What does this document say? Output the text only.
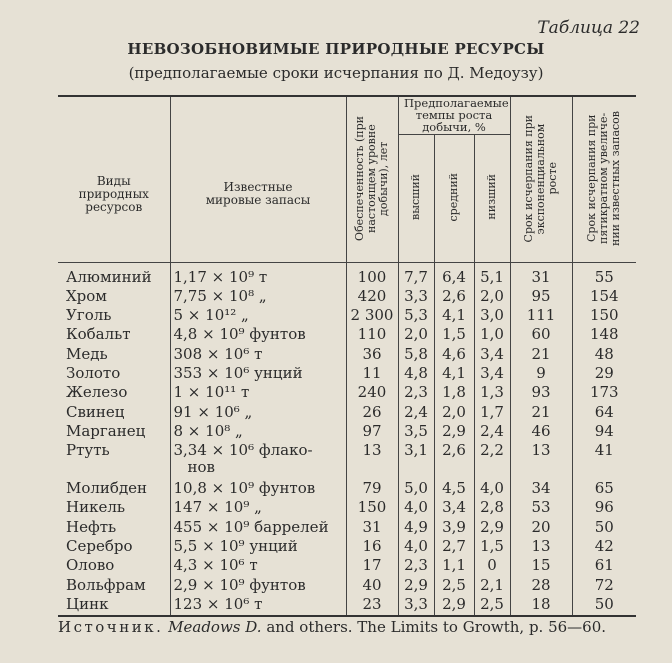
Таблица 22
НЕВОЗОБНОВИМЫЕ ПРИРОДНЫЕ РЕСУРСЫ
(предполагаемые сроки исчерпания по Д. Медоузу)
Виды природных ресурсов	Известные мировые запасы	Обеспеченность (при
настоящем уровне
добычи), лет	Предполагаемые темпы роста добычи, %			Срок исчерпания при
экспоненциальном
росте	Срок исчерпания при
пятикратном увеличе-
нии известных запасов
			высший	средний	низший		
Алюминий	1,17 × 10⁹ т	100	7,7	6,4	5,1	31	55
Хром	7,75 × 10⁸ „	420	3,3	2,6	2,0	95	154
Уголь	5 × 10¹² „	2 300	5,3	4,1	3,0	111	150
Кобальт	4,8 × 10⁹ фунтов	110	2,0	1,5	1,0	60	148
Медь	308 × 10⁶ т	36	5,8	4,6	3,4	21	48
Золото	353 × 10⁶ унций	11	4,8	4,1	3,4	9	29
Железо	1 × 10¹¹ т	240	2,3	1,8	1,3	93	173
Свинец	91 × 10⁶ „	26	2,4	2,0	1,7	21	64
Марганец	8 × 10⁸ „	97	3,5	2,9	2,4	46	94
Ртуть	3,34 × 10⁶ флако-
нов	13	3,1	2,6	2,2	13	41
Молибден	10,8 × 10⁹ фунтов	79	5,0	4,5	4,0	34	65
Никель	147 × 10⁹ „	150	4,0	3,4	2,8	53	96
Нефть	455 × 10⁹ баррелей	31	4,9	3,9	2,9	20	50
Серебро	5,5 × 10⁹ унций	16	4,0	2,7	1,5	13	42
Олово	4,3 × 10⁶ т	17	2,3	1,1	0	15	61
Вольфрам	2,9 × 10⁹ фунтов	40	2,9	2,5	2,1	28	72
Цинк	123 × 10⁶ т	23	3,3	2,9	2,5	18	50
Источник. Meadows D. and others. The Limits to Growth, p. 56—60.
